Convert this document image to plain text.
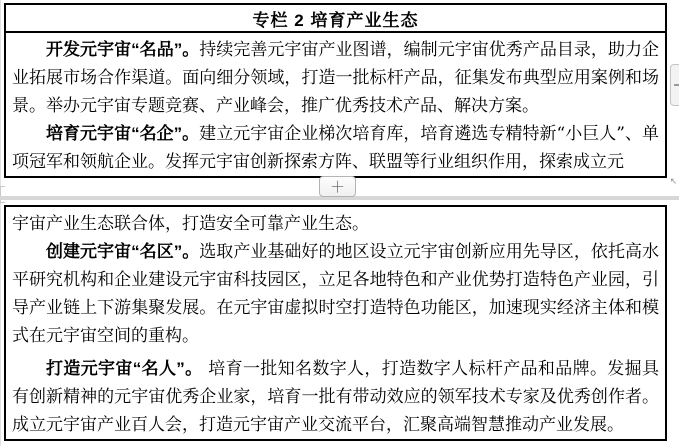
专栏 2 培育产业生态

开发元宇宙“名品”。持续完善元宇宙产业图谱，编制元宇宙优秀产品目录，助力企业拓展市场合作渠道。面向细分领域，打造一批标杆产品，征集发布典型应用案例和场景。举办元宇宙专题竞赛、产业峰会，推广优秀技术产品、解决方案。

培育元宇宙“名企”。建立元宇宙企业梯次培育库，培育遴选专精特新“小巨人”、单项冠军和领航企业。发挥元宇宙创新探索方阵、联盟等行业组织作用，探索成立元

＋	↖

宇宙产业生态联合体，打造安全可靠产业生态。

创建元宇宙“名区”。选取产业基础好的地区设立元宇宙创新应用先导区，依托高水平研究机构和企业建设元宇宙科技园区，立足各地特色和产业优势打造特色产业园，引导产业链上下游集聚发展。在元宇宙虚拟时空打造特色功能区，加速现实经济主体和模式在元宇宙空间的重构。

打造元宇宙“名人”。 培育一批知名数字人，打造数字人标杆产品和品牌。发掘具有创新精神的元宇宙优秀企业家，培育一批有带动效应的领军技术专家及优秀创作者。成立元宇宙产业百人会，打造元宇宙产业交流平台，汇聚高端智慧推动产业发展。
